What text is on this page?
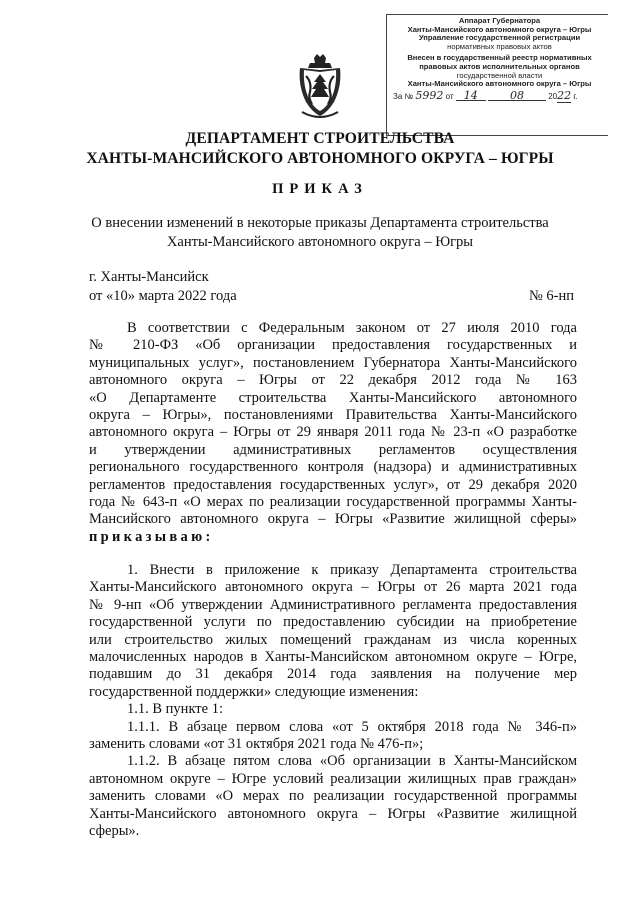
Аппарат Губернатора
Ханты-Мансийского автономного округа – Югры
Управление государственной регистрации
нормативных правовых актов
Внесен в государственный реестр нормативных
правовых актов исполнительных органов
государственной власти
Ханты-Мансийского автономного округа – Югры
За № 5992 от 14	08	2022 г.
ДЕПАРТАМЕНТ СТРОИТЕЛЬСТВА
ХАНТЫ-МАНСИЙСКОГО АВТОНОМНОГО ОКРУГА – ЮГРЫ
ПРИКАЗ
О внесении изменений в некоторые приказы Департамента строительства
Ханты-Мансийского автономного округа – Югры
г. Ханты-Мансийск
от «10» марта 2022 года	№ 6-нп
В соответствии с Федеральным законом от 27 июля 2010 года
№ 210-ФЗ «Об организации предоставления государственных и
муниципальных услуг», постановлением Губернатора Ханты-Мансийского
автономного округа – Югры от 22 декабря 2012 года № 163
«О Департаменте строительства Ханты-Мансийского автономного
округа – Югры», постановлениями Правительства Ханты-Мансийского
автономного округа – Югры от 29 января 2011 года № 23-п «О разработке
и утверждении административных регламентов осуществления
регионального государственного контроля (надзора) и административных
регламентов предоставления государственных услуг», от 29 декабря 2020
года № 643-п «О мерах по реализации государственной программы Ханты-
Мансийского автономного округа – Югры «Развитие жилищной сферы»
приказываю:
1. Внести в приложение к приказу Департамента строительства
Ханты-Мансийского автономного округа – Югры от 26 марта 2021 года
№ 9-нп «Об утверждении Административного регламента предоставления
государственной услуги по предоставлению субсидии на приобретение
или строительство жилых помещений гражданам из числа коренных
малочисленных народов в Ханты-Мансийском автономном округе – Югре,
подавшим до 31 декабря 2014 года заявления на получение мер
государственной поддержки» следующие изменения:
1.1. В пункте 1:
1.1.1. В абзаце первом слова «от 5 октября 2018 года № 346-п»
заменить словами «от 31 октября 2021 года № 476-п»;
1.1.2. В абзаце пятом слова «Об организации в Ханты-Мансийском
автономном округе – Югре условий реализации жилищных прав граждан»
заменить словами «О мерах по реализации государственной программы
Ханты-Мансийского автономного округа – Югры «Развитие жилищной
сферы».
